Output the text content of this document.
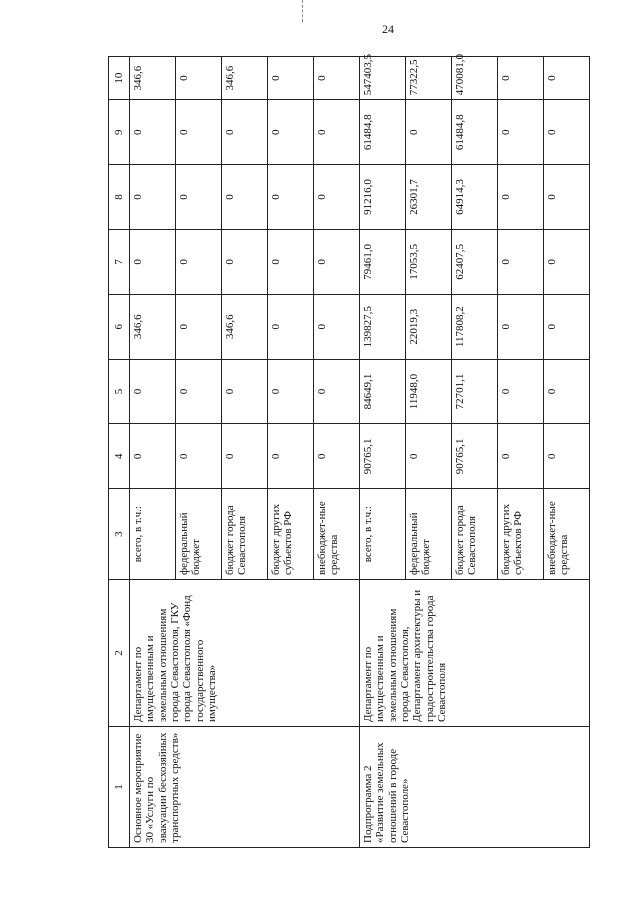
24
1	2	3	4	5	6	7	8	9	10
Основное мероприятие 30 «Услуги по эвакуации бесхозяйных транспортных средств»	Департамент по имущественным и земельным отношениям города Севастополя, ГКУ города Севастополя «Фонд государственного имущества»	всего, в т.ч.:	0	0	346,6	0	0	0	346,6
		федеральный бюджет	0	0	0	0	0	0	0
		бюджет города Севастополя	0	0	346,6	0	0	0	346,6
		бюджет других субъектов РФ	0	0	0	0	0	0	0
		внебюджет-ные средства	0	0	0	0	0	0	0
Подпрограмма 2 «Развитие земельных отношений в городе Севастополе»	Департамент по имущественным и земельным отношениям города Севастополя, Департамент архитектуры и градостроительства города Севастополя	всего, в т.ч.:	90765,1	84649,1	139827,5	79461,0	91216,0	61484,8	547403,5
		федеральный бюджет	0	11948,0	22019,3	17053,5	26301,7	0	77322,5
		бюджет города Севастополя	90765,1	72701,1	117808,2	62407,5	64914,3	61484,8	470081,0
		бюджет других субъектов РФ	0	0	0	0	0	0	0
		внебюджет-ные средства	0	0	0	0	0	0	0
